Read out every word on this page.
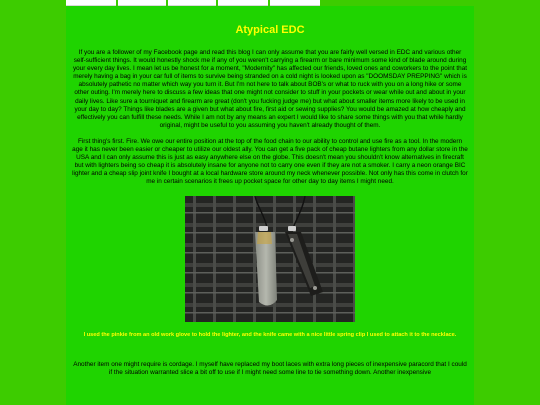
Atypical EDC

If you are a follower of my Facebook page and read this blog I can only assume that you are fairly well versed in EDC and various other self-sufficient things. It would honestly shock me if any of you weren't carrying a firearm or bare minimum some kind of blade around during your every day lives. I mean let us be honest for a moment, "Modernity" has affected our friends, loved ones and coworkers to the point that merely having a bag in your car full of items to survive being stranded on a cold night is looked upon as "DOOMSDAY PREPPING" which is absolutely pathetic no matter which way you turn it. But I'm not here to talk about BOB's or what to ruck with you on a long hike or some other outing. I'm merely here to discuss a few ideas that one might not consider to stuff in your pockets or wear while out and about in your daily lives. Like sure a tourniquet and firearm are great (don't you fucking judge me) but what about smaller items more likely to be used in your day to day? Things like blades are a given but what about fire, first aid or sewing supplies? You would be amazed at how cheaply and effectively you can fulfill these needs. While I am not by any means an expert I would like to share some things with you that while hardly original, might be useful to you assuming you haven't already thought of them.

First thing's first. Fire. We owe our entire position at the top of the food chain to our ability to control and use fire as a tool. In the modern age it has never been easier or cheaper to utilize our oldest ally. You can get a five pack of cheap butane lighters from any dollar store in the USA and I can only assume this is just as easy anywhere else on the globe. This doesn't mean you shouldn't know alternatives in firecraft but with lighters being so cheap it is absolutely insane for anyone not to carry one even if they are not a smoker. I carry a neon orange BIC lighter and a cheap slip joint knife I bought at a local hardware store around my neck whenever possible. Not only has this come in clutch for me in certain scenarios it frees up pocket space for other day to day items I might need.

I used the pinkie from an old work glove to hold the lighter, and the knife came with a nice little spring clip I used to attach it to the necklace.

Another item one might require is cordage. I myself have replaced my boot laces with extra long pieces of inexpensive paracord that I could if the situation warranted slice a bit off to use if I might need some line to tie something down. Another inexpensive
